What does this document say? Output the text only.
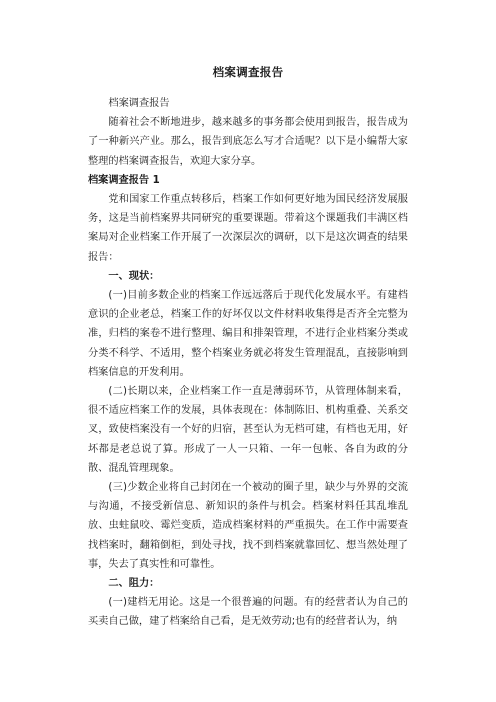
档案调查报告

档案调查报告

随着社会不断地进步，越来越多的事务都会使用到报告，报告成为了一种新兴产业。那么，报告到底怎么写才合适呢？以下是小编帮大家整理的档案调查报告，欢迎大家分享。

档案调查报告 1

党和国家工作重点转移后，档案工作如何更好地为国民经济发展服务，这是当前档案界共同研究的重要课题。带着这个课题我们丰满区档案局对企业档案工作开展了一次深层次的调研，以下是这次调查的结果报告：

一、现状：

(一)目前多数企业的档案工作远远落后于现代化发展水平。有建档意识的企业老总，档案工作的好坏仅以文件材料收集得是否齐全完整为准，归档的案卷不进行整理、编目和排架管理，不进行企业档案分类或分类不科学、不适用，整个档案业务就必将发生管理混乱，直接影响到档案信息的开发利用。

(二)长期以来，企业档案工作一直是薄弱环节，从管理体制来看，很不适应档案工作的发展，具体表现在：体制陈旧、机构重叠、关系交叉，致使档案没有一个好的归宿，甚至认为无档可建，有档也无用，好坏都是老总说了算。形成了一人一只箱、一年一包帐、各自为政的分散、混乱管理现象。

(三)少数企业将自己封闭在一个被动的圈子里，缺少与外界的交流与沟通，不接受新信息、新知识的条件与机会。档案材料任其乱堆乱放、虫蛀鼠咬、霉烂变质，造成档案材料的严重损失。在工作中需要查找档案时，翻箱倒柜，到处寻找，找不到档案就靠回忆、想当然处理了事，失去了真实性和可靠性。

二、阻力：

(一)建档无用论。这是一个很普遍的问题。有的经营者认为自己的买卖自己做，建了档案给自己看，是无效劳动;也有的经营者认为，纳
